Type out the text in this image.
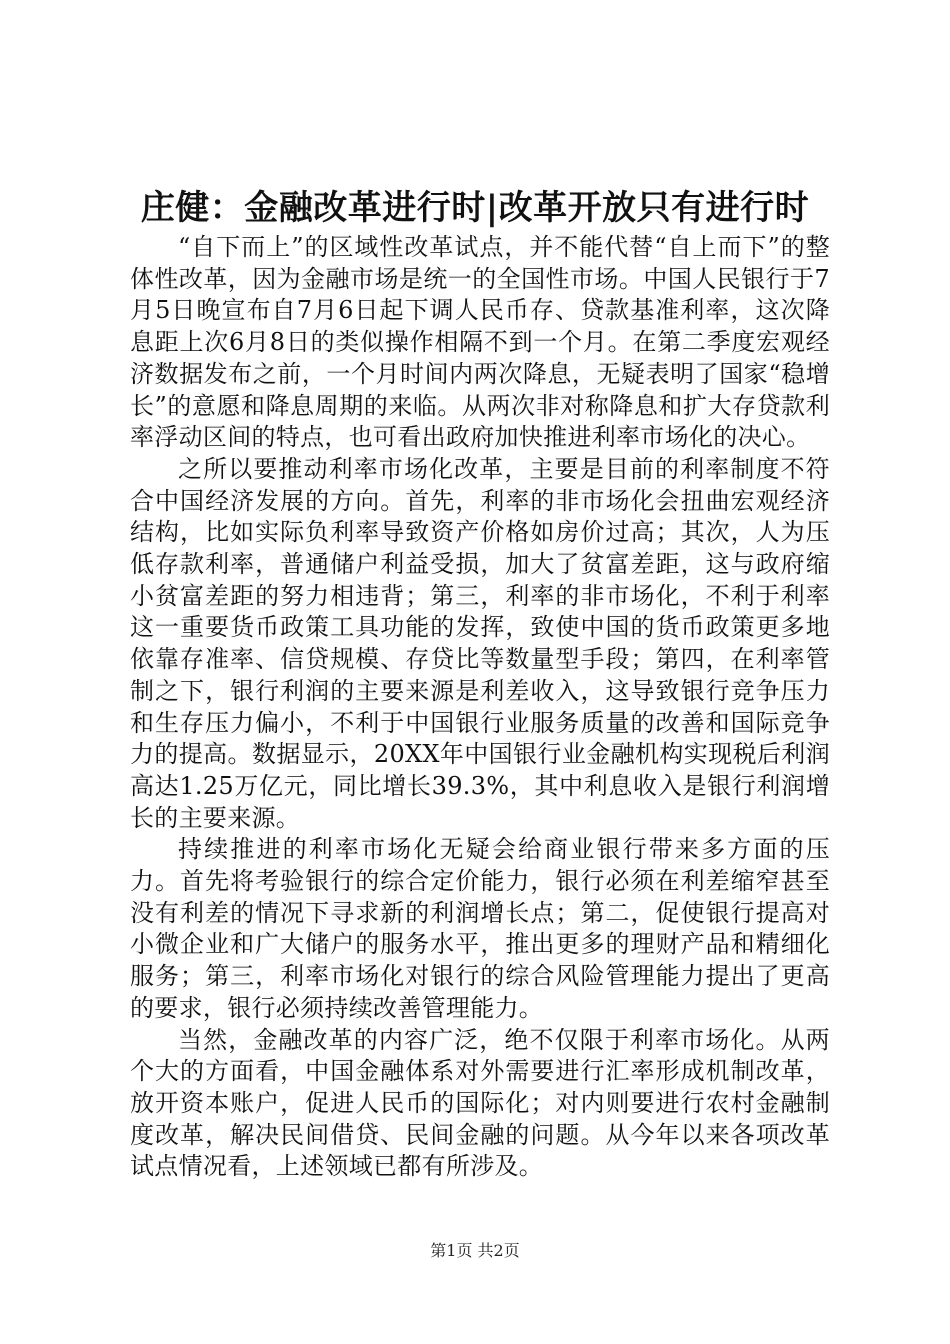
庄健：金融改革进行时|改革开放只有进行时

“自下而上”的区域性改革试点，并不能代替“自上而下”的整体性改革，因为金融市场是统一的全国性市场。中国人民银行于7月5日晚宣布自7月6日起下调人民币存、贷款基准利率，这次降息距上次6月8日的类似操作相隔不到一个月。在第二季度宏观经济数据发布之前，一个月时间内两次降息，无疑表明了国家“稳增长”的意愿和降息周期的来临。从两次非对称降息和扩大存贷款利率浮动区间的特点，也可看出政府加快推进利率市场化的决心。

之所以要推动利率市场化改革，主要是目前的利率制度不符合中国经济发展的方向。首先，利率的非市场化会扭曲宏观经济结构，比如实际负利率导致资产价格如房价过高；其次，人为压低存款利率，普通储户利益受损，加大了贫富差距，这与政府缩小贫富差距的努力相违背；第三，利率的非市场化，不利于利率这一重要货币政策工具功能的发挥，致使中国的货币政策更多地依靠存准率、信贷规模、存贷比等数量型手段；第四，在利率管制之下，银行利润的主要来源是利差收入，这导致银行竞争压力和生存压力偏小，不利于中国银行业服务质量的改善和国际竞争力的提高。数据显示，20XX年中国银行业金融机构实现税后利润高达1.25万亿元，同比增长39.3%，其中利息收入是银行利润增长的主要来源。

持续推进的利率市场化无疑会给商业银行带来多方面的压力。首先将考验银行的综合定价能力，银行必须在利差缩窄甚至没有利差的情况下寻求新的利润增长点；第二，促使银行提高对小微企业和广大储户的服务水平，推出更多的理财产品和精细化服务；第三，利率市场化对银行的综合风险管理能力提出了更高的要求，银行必须持续改善管理能力。

当然，金融改革的内容广泛，绝不仅限于利率市场化。从两个大的方面看，中国金融体系对外需要进行汇率形成机制改革，放开资本账户，促进人民币的国际化；对内则要进行农村金融制度改革，解决民间借贷、民间金融的问题。从今年以来各项改革试点情况看，上述领域已都有所涉及。

第1页 共2页
